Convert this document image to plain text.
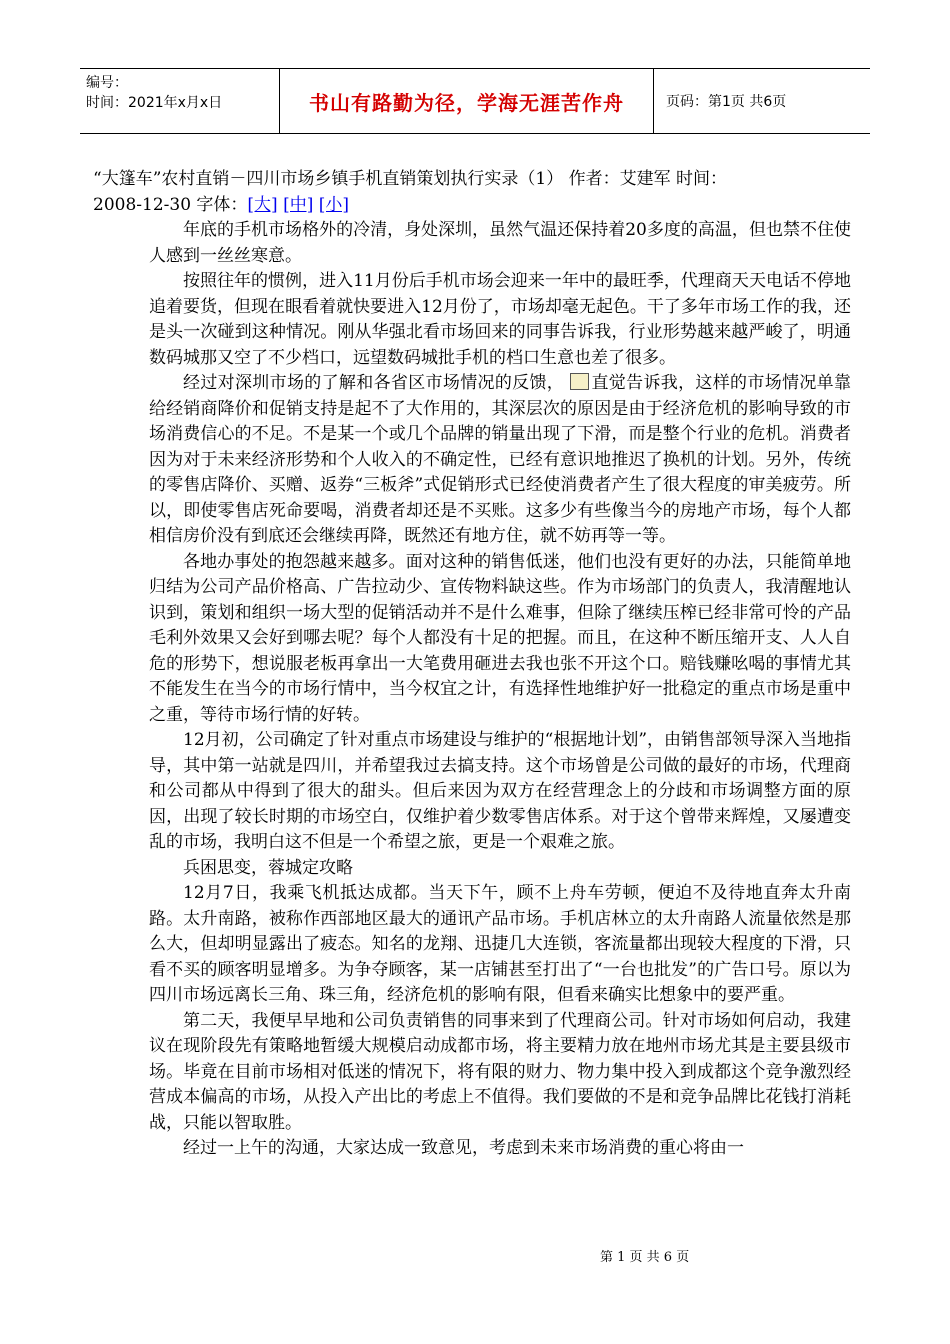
编号：
时间：2021年x月x日	书山有路勤为径，学海无涯苦作舟	页码：第1页 共6页

“大篷车”农村直销－四川市场乡镇手机直销策划执行实录（1） 作者：艾建军 时间：
2008-12-30 字体：[大] [中] [小]

年底的手机市场格外的冷清，身处深圳，虽然气温还保持着20多度的高温，但也禁不住使人感到一丝丝寒意。

按照往年的惯例，进入11月份后手机市场会迎来一年中的最旺季，代理商天天电话不停地追着要货，但现在眼看着就快要进入12月份了，市场却毫无起色。干了多年市场工作的我，还是头一次碰到这种情况。刚从华强北看市场回来的同事告诉我，行业形势越来越严峻了，明通数码城那又空了不少档口，远望数码城批手机的档口生意也差了很多。

经过对深圳市场的了解和各省区市场情况的反馈， 直觉告诉我，这样的市场情况单靠给经销商降价和促销支持是起不了大作用的，其深层次的原因是由于经济危机的影响导致的市场消费信心的不足。不是某一个或几个品牌的销量出现了下滑，而是整个行业的危机。消费者因为对于未来经济形势和个人收入的不确定性，已经有意识地推迟了换机的计划。另外，传统的零售店降价、买赠、返券“三板斧”式促销形式已经使消费者产生了很大程度的审美疲劳。所以，即使零售店死命要喝，消费者却还是不买账。这多少有些像当今的房地产市场，每个人都相信房价没有到底还会继续再降，既然还有地方住，就不妨再等一等。

各地办事处的抱怨越来越多。面对这种的销售低迷，他们也没有更好的办法，只能简单地归结为公司产品价格高、广告拉动少、宣传物料缺这些。作为市场部门的负责人，我清醒地认识到，策划和组织一场大型的促销活动并不是什么难事，但除了继续压榨已经非常可怜的产品毛利外效果又会好到哪去呢？每个人都没有十足的把握。而且，在这种不断压缩开支、人人自危的形势下，想说服老板再拿出一大笔费用砸进去我也张不开这个口。赔钱赚吆喝的事情尤其不能发生在当今的市场行情中，当今权宜之计，有选择性地维护好一批稳定的重点市场是重中之重，等待市场行情的好转。

12月初，公司确定了针对重点市场建设与维护的“根据地计划”，由销售部领导深入当地指导，其中第一站就是四川，并希望我过去搞支持。这个市场曾是公司做的最好的市场，代理商和公司都从中得到了很大的甜头。但后来因为双方在经营理念上的分歧和市场调整方面的原因，出现了较长时期的市场空白，仅维护着少数零售店体系。对于这个曾带来辉煌，又屡遭变乱的市场，我明白这不但是一个希望之旅，更是一个艰难之旅。

兵困思变，蓉城定攻略

12月7日，我乘飞机抵达成都。当天下午，顾不上舟车劳顿，便迫不及待地直奔太升南路。太升南路，被称作西部地区最大的通讯产品市场。手机店林立的太升南路人流量依然是那么大，但却明显露出了疲态。知名的龙翔、迅捷几大连锁，客流量都出现较大程度的下滑，只看不买的顾客明显增多。为争夺顾客，某一店铺甚至打出了“一台也批发”的广告口号。原以为四川市场远离长三角、珠三角，经济危机的影响有限，但看来确实比想象中的要严重。

第二天，我便早早地和公司负责销售的同事来到了代理商公司。针对市场如何启动，我建议在现阶段先有策略地暂缓大规模启动成都市场，将主要精力放在地州市场尤其是主要县级市场。毕竟在目前市场相对低迷的情况下，将有限的财力、物力集中投入到成都这个竞争激烈经营成本偏高的市场，从投入产出比的考虑上不值得。我们要做的不是和竞争品牌比花钱打消耗战，只能以智取胜。

经过一上午的沟通，大家达成一致意见，考虑到未来市场消费的重心将由一

第 1 页 共 6 页
